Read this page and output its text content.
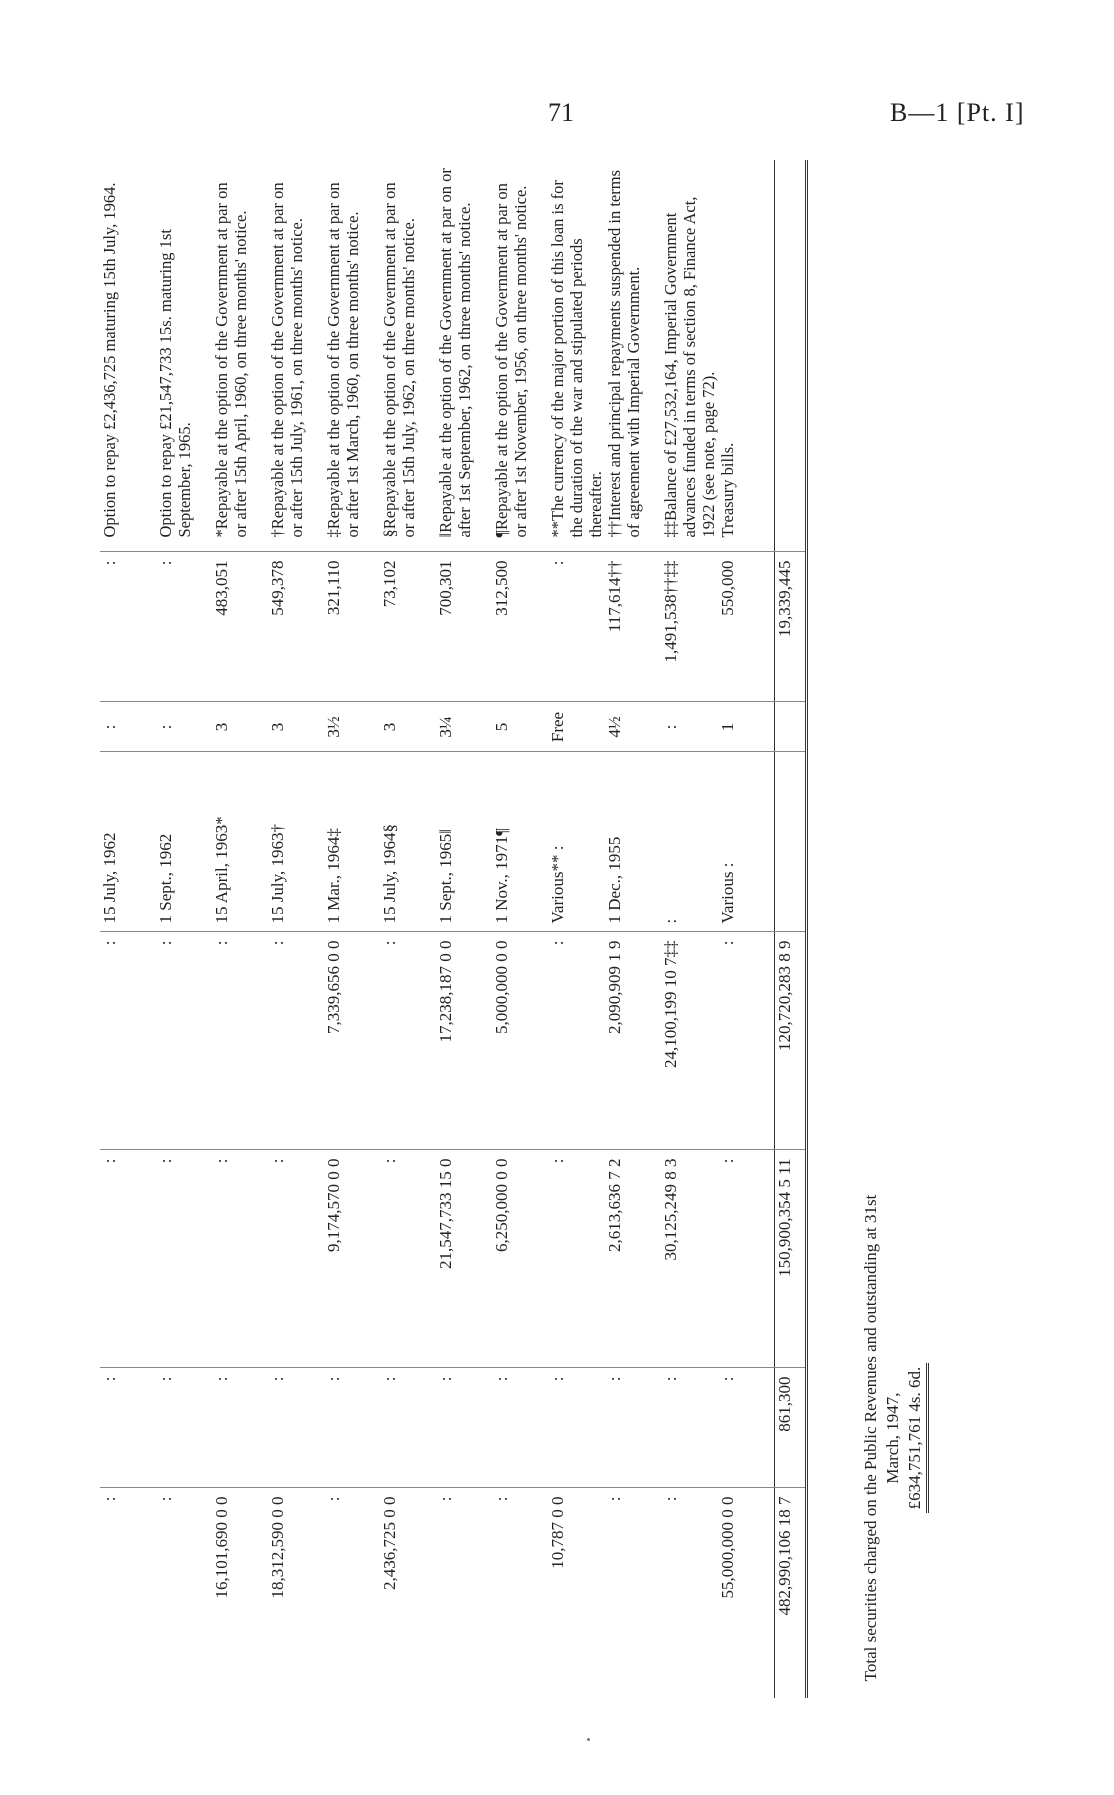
71	B—1 [Pt. I]
:	:	:	:	15 July, 1962	:	:	Option to repay £2,436,725 maturing 15th July, 1964.
:	:	:	:	1 Sept., 1962	:	:	Option to repay £21,547,733 15s. maturing 1st September, 1965.
16,101,690 0 0	:	:	:	15 April, 1963*	3	483,051	*Repayable at the option of the Government at par on or after 15th April, 1960, on three months' notice.
18,312,590 0 0	:	:	:	15 July, 1963†	3	549,378	†Repayable at the option of the Government at par on or after 15th July, 1961, on three months' notice.
:	:	9,174,570 0 0	7,339,656 0 0	1 Mar., 1964‡	3½	321,110	‡Repayable at the option of the Government at par on or after 1st March, 1960, on three months' notice.
2,436,725 0 0	:	:	:	15 July, 1964§	3	73,102	§Repayable at the option of the Government at par on or after 15th July, 1962, on three months' notice.
:	:	21,547,733 15 0	17,238,187 0 0	1 Sept., 1965‖	3¼	700,301	‖Repayable at the option of the Government at par on or after 1st September, 1962, on three months' notice.
:	:	6,250,000 0 0	5,000,000 0 0	1 Nov., 1971¶	5	312,500	¶Repayable at the option of the Government at par on or after 1st November, 1956, on three months' notice.
10,787 0 0	:	:	:	Various** :	Free	:	**The currency of the major portion of this loan is for the duration of the war and stipulated periods thereafter.
:	:	2,613,636 7 2	2,090,909 1 9	1 Dec., 1955	4½	117,614††	††Interest and principal repayments suspended in terms of agreement with Imperial Government.
:	:	30,125,249 8 3	24,100,199 10 7‡‡	:	:	1,491,538††‡‡	‡‡Balance of £27,532,164, Imperial Government advances funded in terms of section 8, Finance Act, 1922 (see note, page 72).
55,000,000 0 0	:	:	:	Various :	1	550,000	Treasury bills.
482,990,106 18 7	861,300	150,900,354 5 11	120,720,283 8 9			19,339,445	
Total securities charged on the Public Revenues and outstanding at 31st March, 1947, £634,751,761 4s. 6d.
